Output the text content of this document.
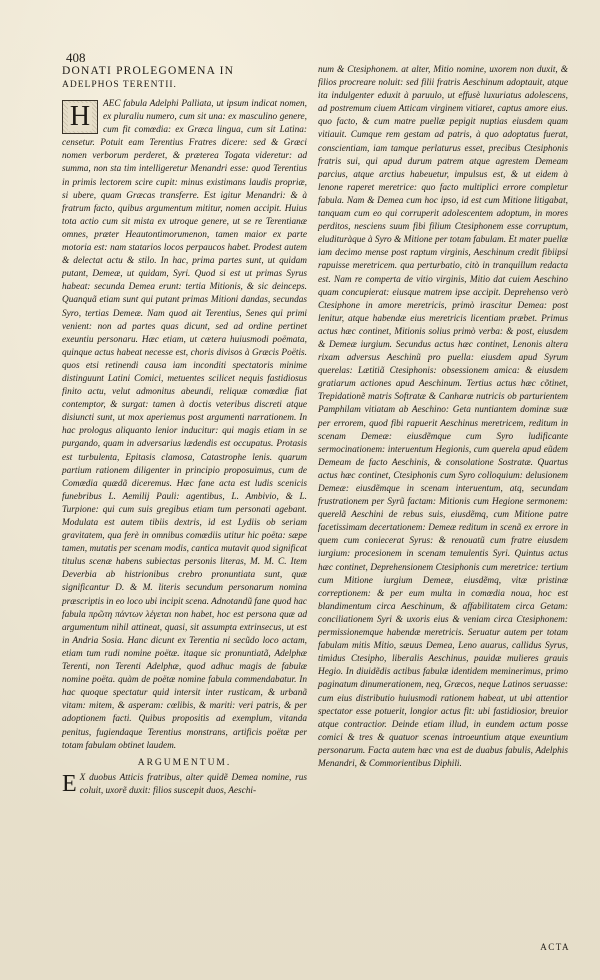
408

DONATI PROLEGOMENA IN

ADELPHOS TERENTII.

H	AEC fabula Adelphi Palliata, ut ipsum indicat nomen, ex pluraliu numero, cum sit una: ex masculino genere, cum fit comœdia: ex Græca lingua, cum sit Latina: censetur. Potuit eam Terentius Fratres dicere: sed & Græci nomen verborum perderet, & præterea Togata videretur: ad summa, non sta tim intelligeretur Menandri esse: quod Terentius in primis lectorem scire cupit: minus existimans laudis propriæ, si ubere, quam Græcas transferre. Est igitur Menandri: & à fratrum facto, quibus argumentum mititur, nomen accipit. Huius tota actio cum sit mista ex utroque genere, ut se re Terentianæ omnes, præter Heautontimorumenon, tamen maior ex parte motoria est: nam statarios locos perpaucos habet. Prodest autem & delectat actu & stilo. In hac, prima partes sunt, ut quidam putant, Demeæ, ut quidam, Syri. Quod si est ut primas Syrus habeat: secunda Demea erunt: tertia Mitionis, & sic deinceps. Quanquã etiam sunt qui putant primas Mitioni dandas, secundas Syro, tertias Demeæ. Nam quod ait Terentius, Senes qui primi venient: non ad partes quas dicunt, sed ad ordine pertinet exeuntiu personaru. Hæc etiam, ut cætera huiusmodi poëmata, quinque actus habeat necesse est, choris divisos à Græcis Poëtis. quos etsi retinendi causa iam inconditi spectatoris minime distinguunt Latini Comici, metuentes scilicet nequis fastidiosus finito actu, velut admonitus abeundi, reliquæ comœdiæ fiat contemptor, & surgat: tamen à doctis veteribus discreti atque disiuncti sunt, ut mox aperiemus post argumenti narrationem. In hac prologus aliquanto lenior inducitur: qui magis etiam in se purgando, quam in adversarius lædendis est occupatus. Protasis est turbulenta, Epitasis clamosa, Catastrophe lenis. quarum partium rationem diligenter in principio proposuimus, cum de Comœdia quædã diceremus. Hæc fane acta est ludis scenicis funebribus L. Aemilij Pauli: agentibus, L. Ambivio, & L. Turpione: qui cum suis gregibus etiam tum personati agebant. Modulata est autem tibiis dextris, id est Lydiis ob seriam gravitatem, qua ferè in omnibus comœdiis utitur hic poëta: sæpe tamen, mutatis per scenam modis, cantica mutavit quod significat titulus scenæ habens subiectas personis literas, M. M. C. Item Deverbia ab histrionibus crebro pronuntiata sunt, quæ significantur D. & M. literis secundum personarum nomina præscriptis in eo loco ubi incipit scena. Adnotandũ fane quod hac fabula πρῶτη πάντων λέγεται non habet, hoc est persona quæ ad argumentum nihil attineat, quasi, sit assumpta extrinsecus, ut est in Andria Sosia. Hanc dicunt ex Terentia ni secũdo loco actam, etiam tum rudi nomine poëtæ. itaque sic pronuntiatã, Adelphæ Terenti, non Terenti Adelphæ, quod adhuc magis de fabulæ nomine poëta. quàm de poëtæ nomine fabula commendabatur. In hac quoque spectatur quid intersit inter rusticam, & urbanã vitam: mitem, & asperam: cœlibis, & mariti: veri patris, & per adoptionem facti. Quibus propositis ad exemplum, vitanda penitus, fugiendaque Terentius monstrans, artificis poëtæ per totam fabulam obtinet laudem.

ARGUMENTUM.
E X duobus Atticis fratribus, alter quidẽ Demea nomine, rus coluit, uxorẽ duxit: filios suscepit duos, Aeschi-

num & Ctesiphonem. at alter, Mitio nomine, uxorem non duxit, & filios procreare noluit: sed filii fratris Aeschinum adoptauit, atque ita indulgenter eduxit à paruulo, ut effusè luxuriatus adolescens, ad postremum ciuem Atticam virginem vitiaret, captus amore eius. quo facto, & cum matre puellæ pepigit nuptias eiusdem quam vitiauit. Cumque rem gestam ad patris, à quo adoptatus fuerat, conscientiam, iam tamque perlaturus esset, precibus Ctesiphonis fratris sui, qui apud durum patrem atque agrestem Demeam parcius, atque arctius habeuetur, impulsus est, & ut eidem à lenone raperet meretrice: quo facto multiplici errore completur fabula. Nam & Demea cum hoc ipso, id est cum Mitione litigabat, tanquam cum eo qui corruperit adolescentem adoptum, in mores perditos, nesciens suum fibi filium Ctesiphonem esse corruptum, eludituràque à Syro & Mitione per totam fabulam. Et mater puellæ iam decimo mense post raptum virginis, Aeschinum credit fibiipsi rapuisse meretricem. qua perturbatio, citò in tranquillum redacta est. Nam re comperta de vitio virginis, Mitio dat cuiem Aeschino quam concupierat: eiusque matrem ipse accipit. Deprehenso verò Ctesiphone in amore meretricis, primò irascitur Demea: post lenitur, atque habendæ eius meretricis licentiam præbet. Primus actus hæc continet, Mitionis solius primò verba: & post, eiusdem & Demeæ iurgium. Secundus actus hæc continet, Lenonis altera rixam adversus Aeschinũ pro puella: eiusdem apud Syrum querelas: Lætitiã Ctesiphonis: obsessionem amica: & eiusdem gratiarum actiones apud Aeschinum. Tertius actus hæc cõtinet, Trepidationẽ matris Softratæ & Canharæ nutricis ob parturientem Pamphilam vitiatam ab Aeschino: Geta nuntiantem dominæ suæ per errorem, quod fibi rapuerit Aeschinus meretricem, reditum in scenam Demeæ: eiusdẽmque cum Syro ludificante sermocinationem: interuentum Hegionis, cum querela apud eũdem Demeam de facto Aeschinis, & consolatione Sostratæ. Quartus actus hæc continet, Ctesiphonis cum Syro colloquium: delusionem Demeæ: eiusdẽmque in scenam interuentum, atq, secundam frustrationem per Syrũ factam: Mitionis cum Hegione sermonem: querelã Aeschini de rebus suis, eiusdẽmq, cum Mitione patre facetissimam decertationem: Demeæ reditum in scenã ex errore in quem cum coniecerat Syrus: & renouatũ cum fratre eiusdem iurgium: procesionem in scenam temulentis Syri. Quintus actus hæc continet, Deprehensionem Ctesiphonis cum meretrice: tertium cum Mitione iurgium Demeæ, eiusdẽmq, vitæ pristinæ correptionem: & per eum multa in comœdia noua, hoc est blandimentum circa Aeschinum, & affabilitatem circa Getam: conciliationem Syri & uxoris eius & veniam circa Ctesiphonem: permissionemque habendæ meretricis. Seruatur autem per totam fabulam mitis Mitio, sæuus Demea, Leno auarus, callidus Syrus, timidus Ctesipho, liberalis Aeschinus, pauidæ mulieres grauis Hegio. In diuidẽdis actibus fabulæ identidem meminerimus, primo paginatum dinumerationem, neq, Græcos, neque Latinos seruasse: cum eius distributio huiusmodi rationem habeat, ut ubi attentior spectator esse potuerit, longior actus fit: ubi fastidiosior, breuior atque contractior. Deinde etiam illud, in eundem actum posse comici & tres & quatuor scenas introeuntium atque exeuntium personarum. Facta autem hæc vna est de duabus fabulis, Adelphis Menandri, & Commorientibus Diphili.

ACTA
